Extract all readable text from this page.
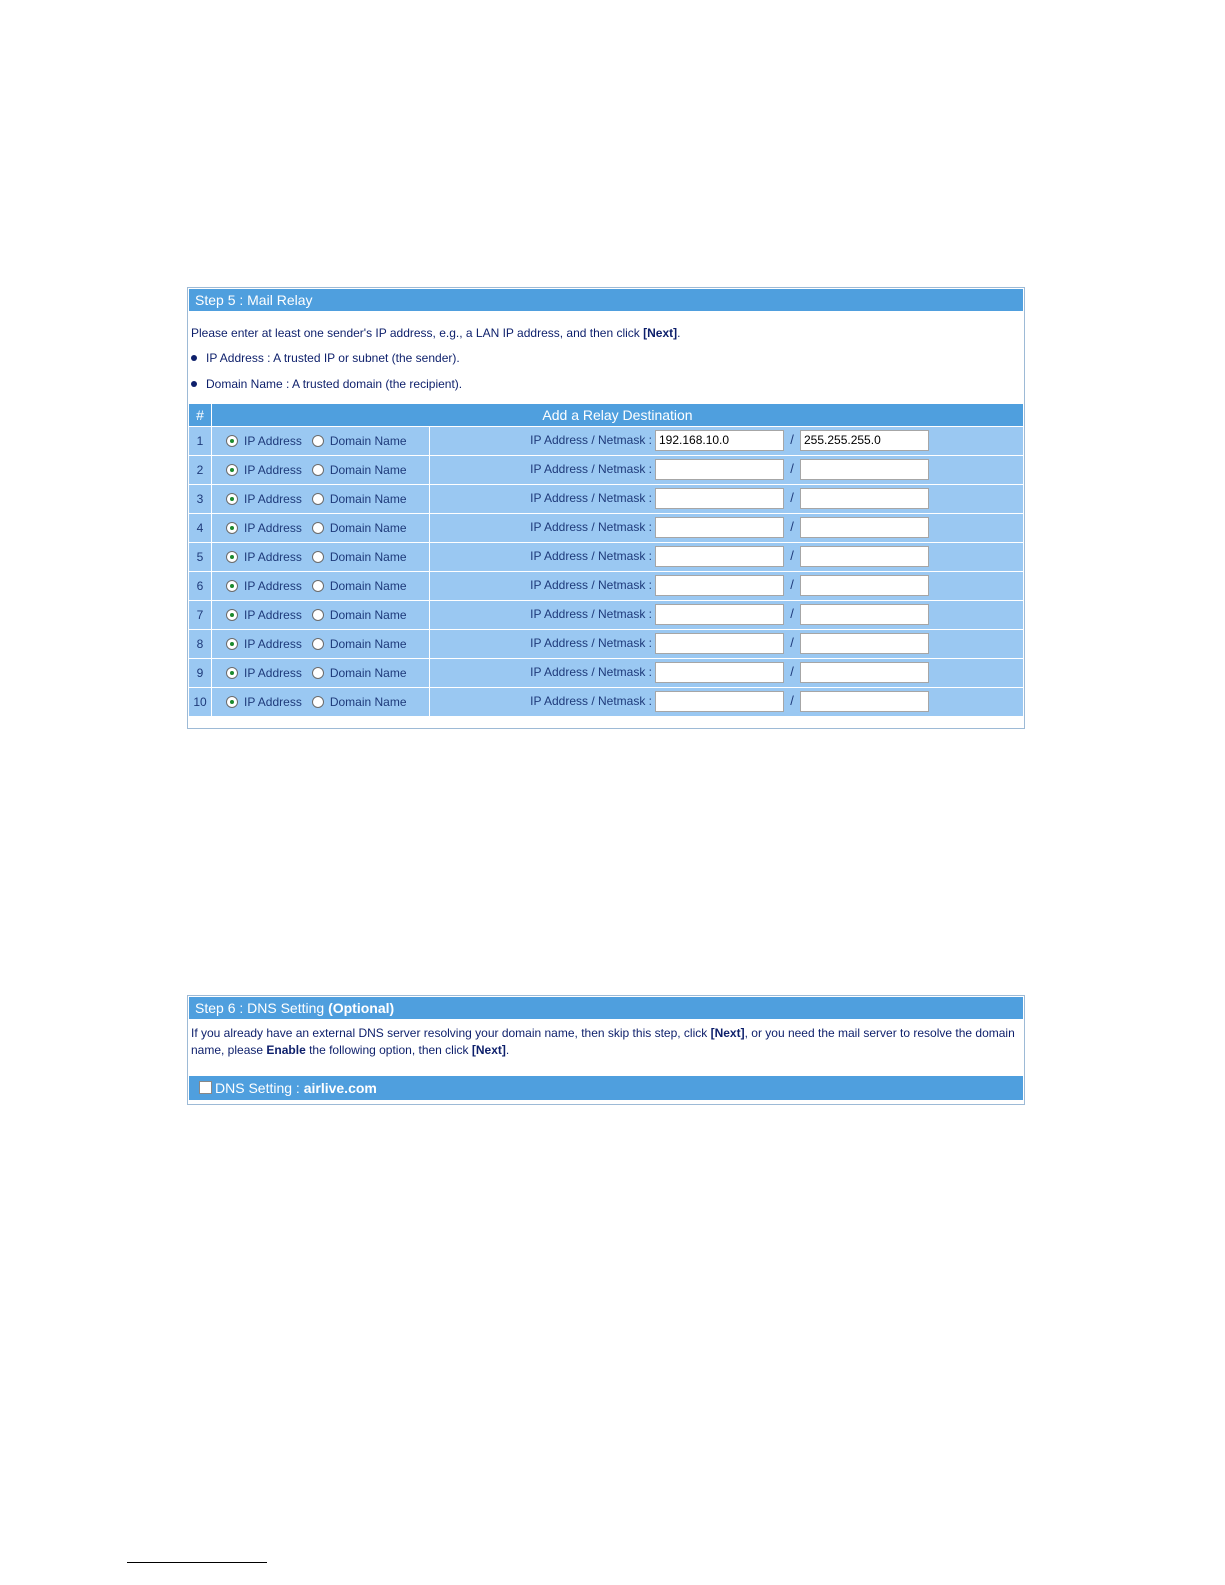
Step 5 : Mail Relay
Please enter at least one sender's IP address, e.g., a LAN IP address, and then click [Next].
IP Address : A trusted IP or subnet (the sender).
Domain Name : A trusted domain (the recipient).
#	Add a Relay Destination	
1	IP Address Domain Name	IP Address / Netmask : 192.168.10.0 / 255.255.255.0
2	IP Address Domain Name	IP Address / Netmask : /
3	IP Address Domain Name	IP Address / Netmask : /
4	IP Address Domain Name	IP Address / Netmask : /
5	IP Address Domain Name	IP Address / Netmask : /
6	IP Address Domain Name	IP Address / Netmask : /
7	IP Address Domain Name	IP Address / Netmask : /
8	IP Address Domain Name	IP Address / Netmask : /
9	IP Address Domain Name	IP Address / Netmask : /
10	IP Address Domain Name	IP Address / Netmask : /
Step 6 : DNS Setting (Optional)
If you already have an external DNS server resolving your domain name, then skip this step, click [Next], or you need the mail server to resolve the domain name, please Enable the following option, then click [Next].
DNS Setting : airlive.com
